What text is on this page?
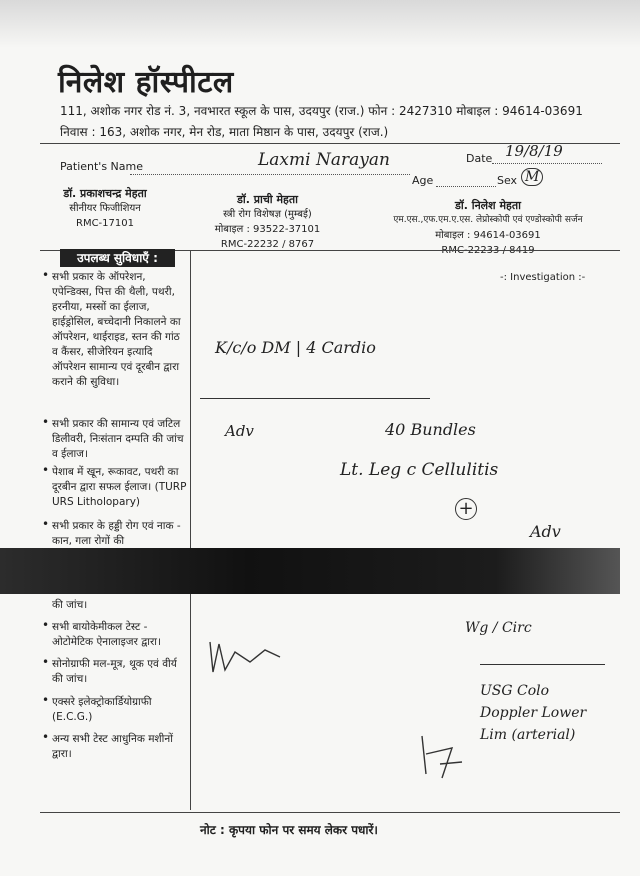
निलेश हॉस्पीटल
111, अशोक नगर रोड नं. 3, नवभारत स्कूल के पास, उदयपुर (राज.) फोन : 2427310 मोबाइल : 94614-03691
निवास : 163, अशोक नगर, मेन रोड, माता मिष्ठान के पास, उदयपुर (राज.)
Patient's Name	Laxmi Narayan
Age	Sex M
Date 19/8/19
डॉ. प्रकाशचन्द्र मेहता
सीनीयर फिजीशियन
RMC-17101
डॉ. प्राची मेहता
स्त्री रोग विशेषज्ञ (मुम्बई)
मोबाइल : 93522-37101
RMC-22232 / 8767
डॉ. निलेश मेहता
एम.एस.,एफ.एम.ए.एस. लेप्रोस्कोपी एवं एण्डोस्कोपी सर्जन
मोबाइल : 94614-03691
उपलब्ध सुविधाएँ :
• सभी प्रकार के ऑपरेशन, एपेन्डिक्स, पित्त की थैली, पथरी, हरनीया, मस्सों का ईलाज, हाईड्रोसिल, बच्चेदानी निकालने का ऑपरेशन, थाईराइड, स्तन की गांठ व कैंसर, सीजेरियन इत्यादि ऑपरेशन सामान्य एवं दूरबीन द्वारा कराने की सुविधा।
• सभी प्रकार की सामान्य एवं जटिल डिलीवरी, निःसंतान दम्पति की जांच व ईलाज।
• पेशाब में खून, रूकावट, पथरी का दूरबीन द्वारा सफल ईलाज। (TURP URS Litholopary)
• सभी प्रकार के हड्डी रोग एवं नाक - कान, गला रोगों की
की जांच।
• सभी बायोकेमीकल टेस्ट - ओटोमेटिक ऐनालाइजर द्वारा।
• सोनोग्राफी मल-मूत्र, थूक एवं वीर्य की जांच।
• एक्सरे इलेक्ट्रोकार्डियोग्राफी (E.C.G.)
• अन्य सभी टेस्ट आधुनिक मशीनों द्वारा।
-: Investigation :-
K/c/o DM | 4 Cardio
Adv	40 Bundles
Lt. Leg c Cellulitis
+
Adv
Wg / Circ
USG Colo Doppler Lower Lim (arterial)
नोट : कृपया फोन पर समय लेकर पधारें।
